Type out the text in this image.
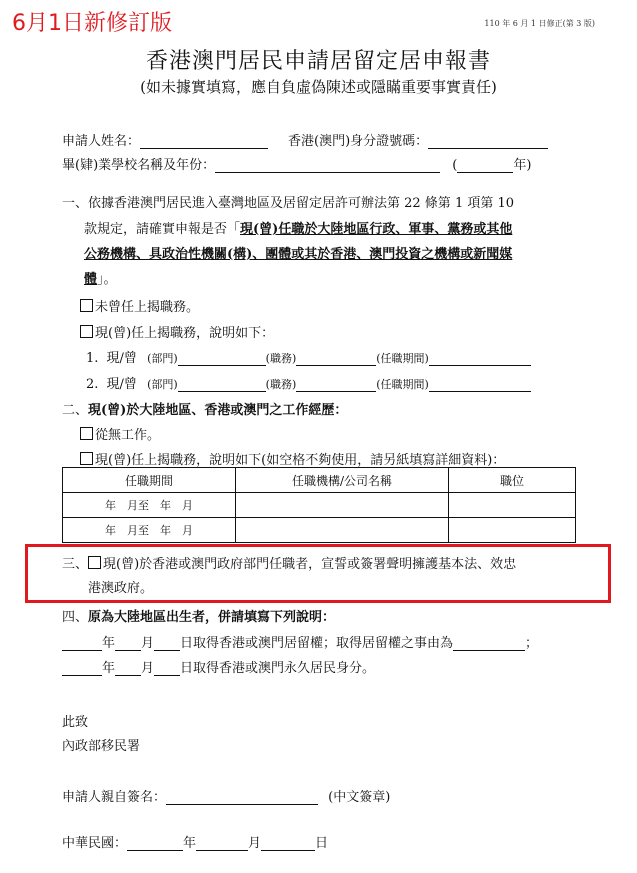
6月1日新修訂版	110 年 6 月 1 日修正(第 3 版)
香港澳門居民申請居留定居申報書
(如未據實填寫，應自負虛偽陳述或隱瞞重要事實責任)
申請人姓名：	香港(澳門)身分證號碼：
畢(肄)業學校名稱及年份：	(	年)
一、依據香港澳門居民進入臺灣地區及居留定居許可辦法第 22 條第 1 項第 10
款規定，請確實申報是否「現(曾)任職於大陸地區行政、軍事、黨務或其他
公務機構、具政治性機關(構)、團體或其於香港、澳門投資之機構或新聞媒
體」。
未曾任上揭職務。
現(曾)任上揭職務，說明如下：
1. 現/曾 (部門)	(職務)	(任職期間)
2. 現/曾 (部門)	(職務)	(任職期間)
二、現(曾)於大陸地區、香港或澳門之工作經歷：
從無工作。
現(曾)任上揭職務，說明如下(如空格不夠使用，請另紙填寫詳細資料)：
任職期間	任職機構/公司名稱	職位
年　月至　年　月		
年　月至　年　月		
三、 現(曾)於香港或澳門政府部門任職者，宣誓或簽署聲明擁護基本法、效忠
港澳政府。
四、原為大陸地區出生者，併請填寫下列說明：
年 月 日取得香港或澳門居留權；取得居留權之事由為	；
年 月 日取得香港或澳門永久居民身分。
此致
內政部移民署
申請人親自簽名：	(中文簽章)
中華民國：	年	月	日
